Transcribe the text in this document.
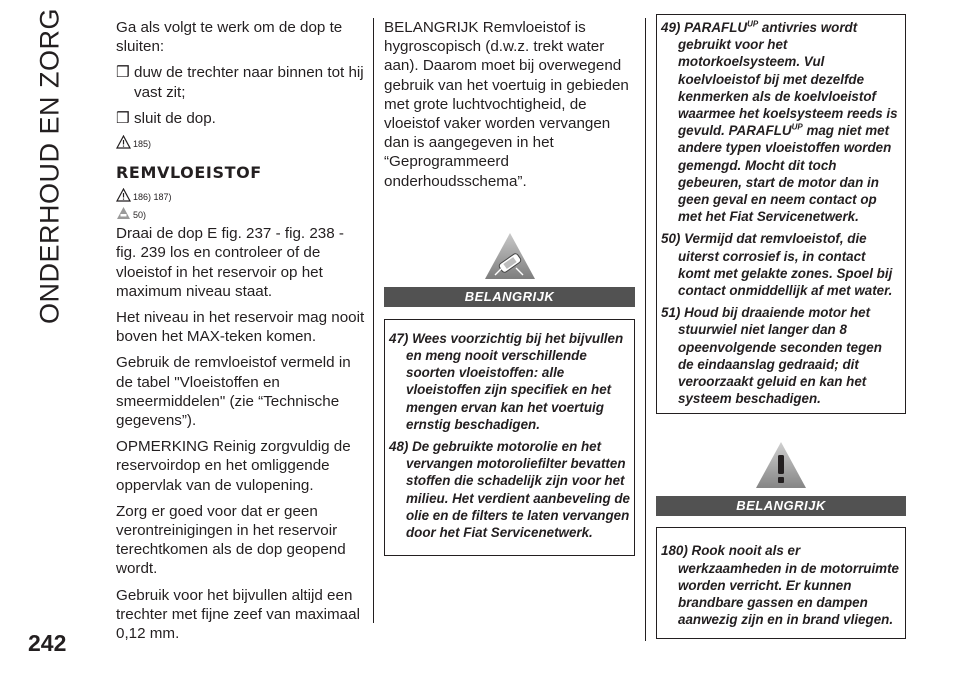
ONDERHOUD EN ZORG
242

Ga als volgt te werk om de dop te sluiten:

❒ duw de trechter naar binnen tot hij vast zit;

❒ sluit de dop.

185)
REMVLOEISTOF
186) 187)
50)

Draai de dop E fig. 237 - fig. 238 - fig. 239 los en controleer of de vloeistof in het reservoir op het maximum niveau staat.

Het niveau in het reservoir mag nooit boven het MAX-teken komen.

Gebruik de remvloeistof vermeld in de tabel "Vloeistoffen en smeermiddelen" (zie “Technische gegevens”).

OPMERKING Reinig zorgvuldig de reservoirdop en het omliggende oppervlak van de vulopening.

Zorg er goed voor dat er geen verontreinigingen in het reservoir terechtkomen als de dop geopend wordt.

Gebruik voor het bijvullen altijd een trechter met fijne zeef van maximaal 0,12 mm.

BELANGRIJK Remvloeistof is hygroscopisch (d.w.z. trekt water aan). Daarom moet bij overwegend gebruik van het voertuig in gebieden met grote luchtvochtigheid, de vloeistof vaker worden vervangen dan is aangegeven in het “Geprogrammeerd onderhoudsschema”.

BELANGRIJK

47) Wees voorzichtig bij het bijvullen en meng nooit verschillende soorten vloeistoffen: alle vloeistoffen zijn specifiek en het mengen ervan kan het voertuig ernstig beschadigen.

48) De gebruikte motorolie en het vervangen motoroliefilter bevatten stoffen die schadelijk zijn voor het milieu. Het verdient aanbeveling de olie en de filters te laten vervangen door het Fiat Servicenetwerk.

49) $PARAFLU^{UP}$ antivries wordt gebruikt voor het motorkoelsysteem. Vul koelvloeistof bij met dezelfde kenmerken als de koelvloeistof waarmee het koelsysteem reeds is gevuld. $PARAFLU^{UP}$ mag niet met andere typen vloeistoffen worden gemengd. Mocht dit toch gebeuren, start de motor dan in geen geval en neem contact op met het Fiat Servicenetwerk.

50) Vermijd dat remvloeistof, die uiterst corrosief is, in contact komt met gelakte zones. Spoel bij contact onmiddellijk af met water.

51) Houd bij draaiende motor het stuurwiel niet langer dan 8 opeenvolgende seconden tegen de eindaanslag gedraaid; dit veroorzaakt geluid en kan het systeem beschadigen.

BELANGRIJK

180) Rook nooit als er werkzaamheden in de motorruimte worden verricht. Er kunnen brandbare gassen en dampen aanwezig zijn en in brand vliegen.
